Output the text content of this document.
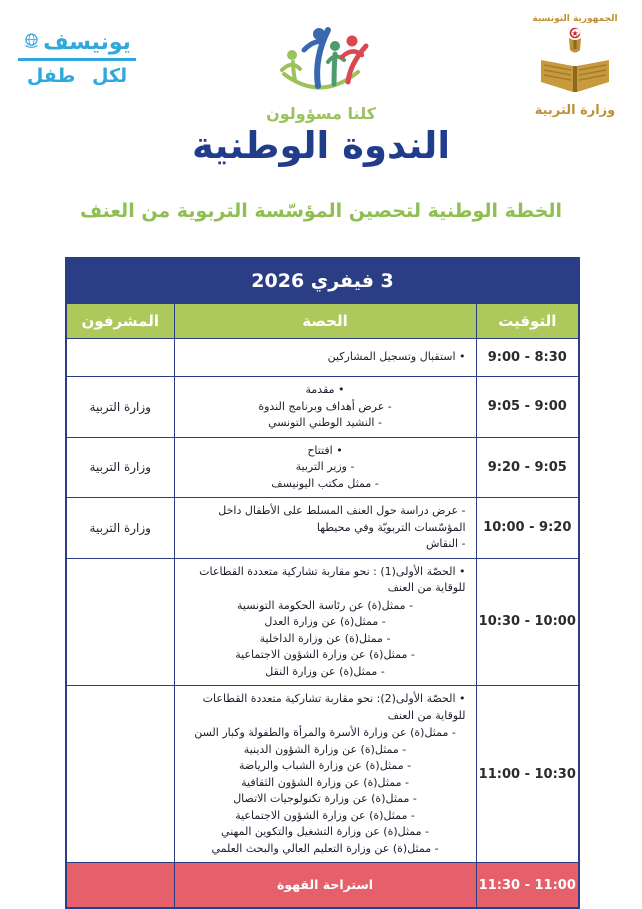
يونيسف
لكل طفل
كلنا مسؤولون
الجمهورية التونسية
وزارة التربية
الندوة الوطنية
الخطة الوطنية لتحصين المؤسّسة التربوية من العنف
3 فيفري 2026		
التوقيت	الحصة	المشرفون
8:30 - 9:00	• استقبال وتسجيل المشاركين	

9:00 - 9:05	• مقدمة
- عرض أهداف وبرنامج الندوة
- النشيد الوطني التونسي	وزارة التربية
9:05 - 9:20	• افتتاح
- وزير التربية
- ممثل مكتب اليونيسف	وزارة التربية
9:20 - 10:00	- عرض دراسة حول العنف المسلط على الأطفال داخل المؤسّسات التربويّة وفي محيطها
- النقاش	وزارة التربية
10:00 - 10:30	
• الحصّة الأولى(1) : نحو مقاربة تشاركية متعددة القطاعات للوقاية من العنف
- ممثل(ة) عن رئاسة الحكومة التونسية
- ممثل(ة) عن وزارة العدل
- ممثل(ة) عن وزارة الداخلية
- ممثل(ة) عن وزارة الشؤون الاجتماعية
- ممثل(ة) عن وزارة النقل

10:30 - 11:00	
• الحصّة الأولى(2): نحو مقاربة تشاركية متعددة القطاعات للوقاية من العنف
- ممثل(ة) عن وزارة الأسرة والمرأة والطفولة وكبار السن
- ممثل(ة) عن وزارة الشؤون الدينية
- ممثل(ة) عن وزارة الشباب والرياضة
- ممثل(ة) عن وزارة الشؤون الثقافية
- ممثل(ة) عن وزارة تكنولوجيات الاتصال
- ممثل(ة) عن وزارة الشؤون الاجتماعية
- ممثل(ة) عن وزارة التشغيل والتكوين المهني
- ممثل(ة) عن وزارة التعليم العالي والبحث العلمي

11:00 - 11:30	استراحة القهوة	
